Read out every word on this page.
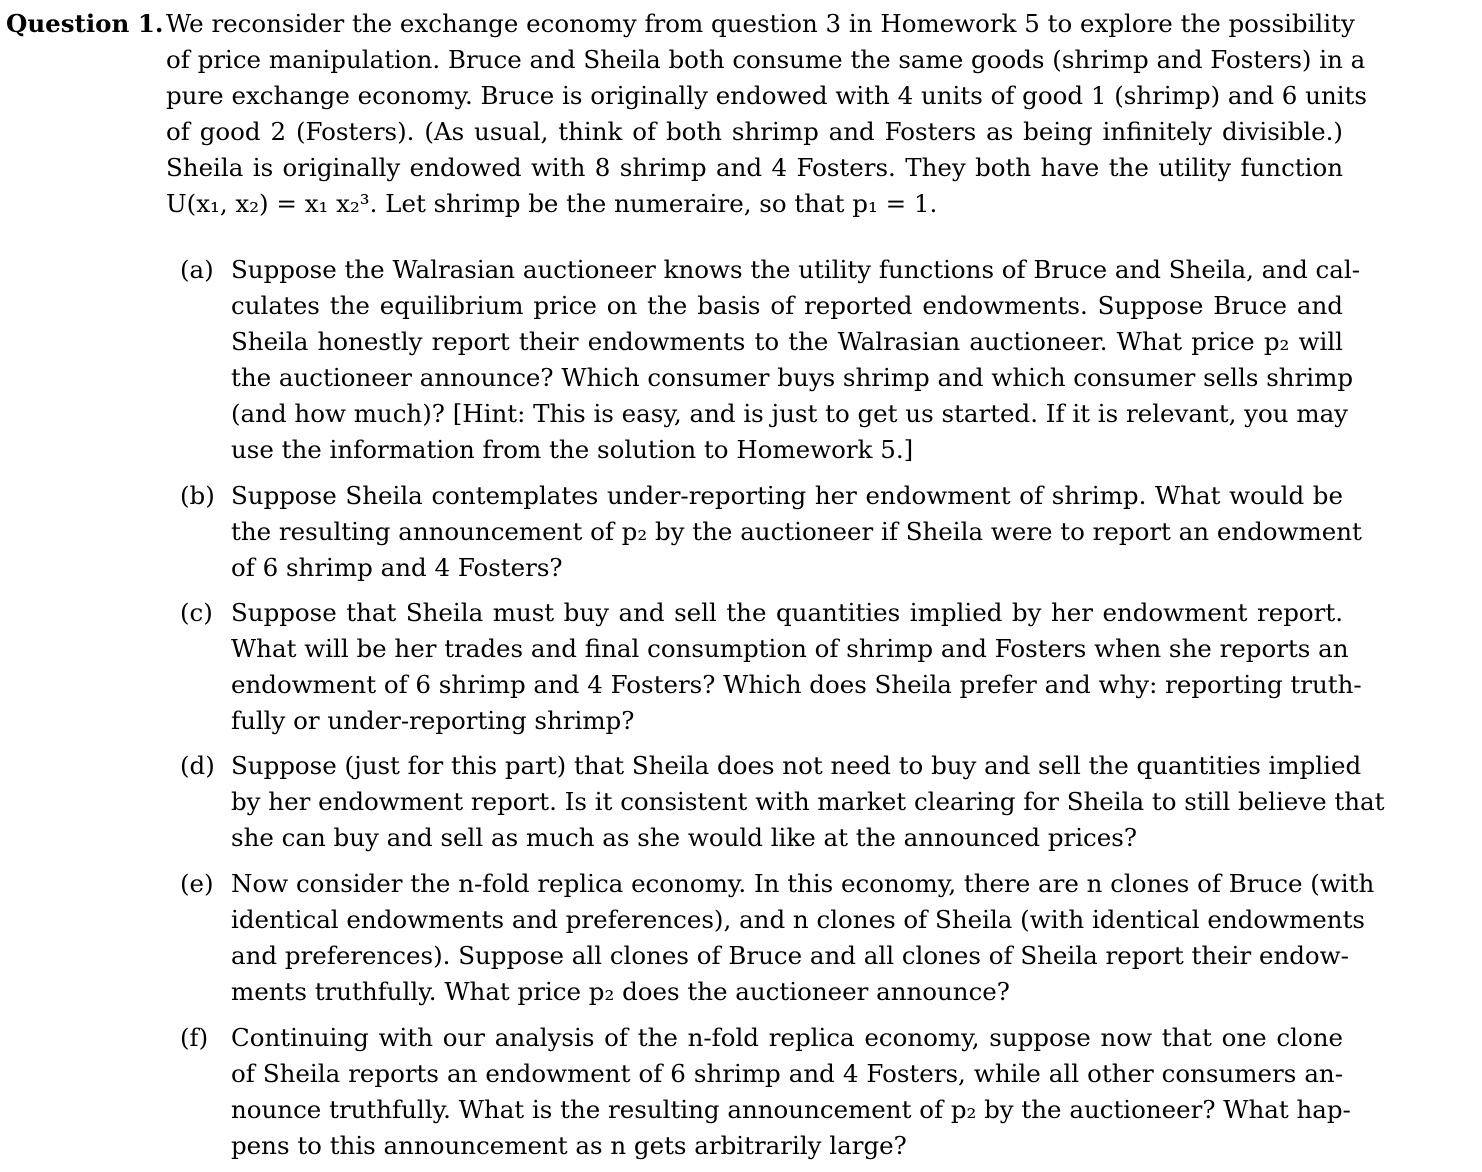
Question 1. We reconsider the exchange economy from question 3 in Homework 5 to explore the possibility
of price manipulation. Bruce and Sheila both consume the same goods (shrimp and Fosters) in a
pure exchange economy. Bruce is originally endowed with 4 units of good 1 (shrimp) and 6 units
of good 2 (Fosters). (As usual, think of both shrimp and Fosters as being infinitely divisible.)
Sheila is originally endowed with 8 shrimp and 4 Fosters. They both have the utility function
U(x₁, x₂) = x₁ x₂³. Let shrimp be the numeraire, so that p₁ = 1.
(a) Suppose the Walrasian auctioneer knows the utility functions of Bruce and Sheila, and cal-
culates the equilibrium price on the basis of reported endowments. Suppose Bruce and
Sheila honestly report their endowments to the Walrasian auctioneer. What price p₂ will
the auctioneer announce? Which consumer buys shrimp and which consumer sells shrimp
(and how much)? [Hint: This is easy, and is just to get us started. If it is relevant, you may
use the information from the solution to Homework 5.]
(b) Suppose Sheila contemplates under-reporting her endowment of shrimp. What would be
the resulting announcement of p₂ by the auctioneer if Sheila were to report an endowment
of 6 shrimp and 4 Fosters?
(c) Suppose that Sheila must buy and sell the quantities implied by her endowment report.
What will be her trades and final consumption of shrimp and Fosters when she reports an
endowment of 6 shrimp and 4 Fosters? Which does Sheila prefer and why: reporting truth-
fully or under-reporting shrimp?
(d) Suppose (just for this part) that Sheila does not need to buy and sell the quantities implied
by her endowment report. Is it consistent with market clearing for Sheila to still believe that
she can buy and sell as much as she would like at the announced prices?
(e) Now consider the n-fold replica economy. In this economy, there are n clones of Bruce (with
identical endowments and preferences), and n clones of Sheila (with identical endowments
and preferences). Suppose all clones of Bruce and all clones of Sheila report their endow-
ments truthfully. What price p₂ does the auctioneer announce?
(f) Continuing with our analysis of the n-fold replica economy, suppose now that one clone
of Sheila reports an endowment of 6 shrimp and 4 Fosters, while all other consumers an-
nounce truthfully. What is the resulting announcement of p₂ by the auctioneer? What hap-
pens to this announcement as n gets arbitrarily large?
